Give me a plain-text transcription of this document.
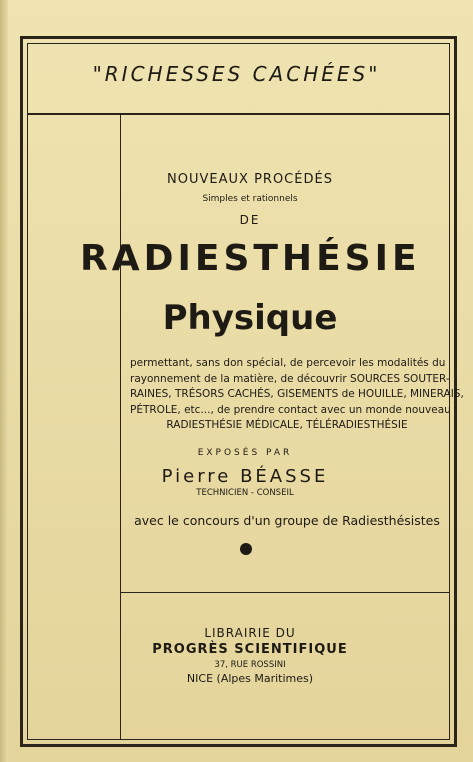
"RICHESSES CACHÉES"
NOUVEAUX PROCÉDÉS
Simples et rationnels
DE
RADIESTHÉSIE
Physique
permettant, sans don spécial, de percevoir les modalités du
rayonnement de la matière, de découvrir SOURCES SOUTER-
RAINES, TRÉSORS CACHÉS, GISEMENTS de HOUILLE, MINERAIS,
PÉTROLE, etc..., de prendre contact avec un monde nouveau
RADIESTHÉSIE MÉDICALE, TÉLÉRADIESTHÉSIE
EXPOSÉS PAR
Pierre BÉASSE
TECHNICIEN - CONSEIL
avec le concours d'un groupe de Radiesthésistes
LIBRAIRIE DU
PROGRÈS SCIENTIFIQUE
37, RUE ROSSINI
NICE (Alpes Maritimes)
